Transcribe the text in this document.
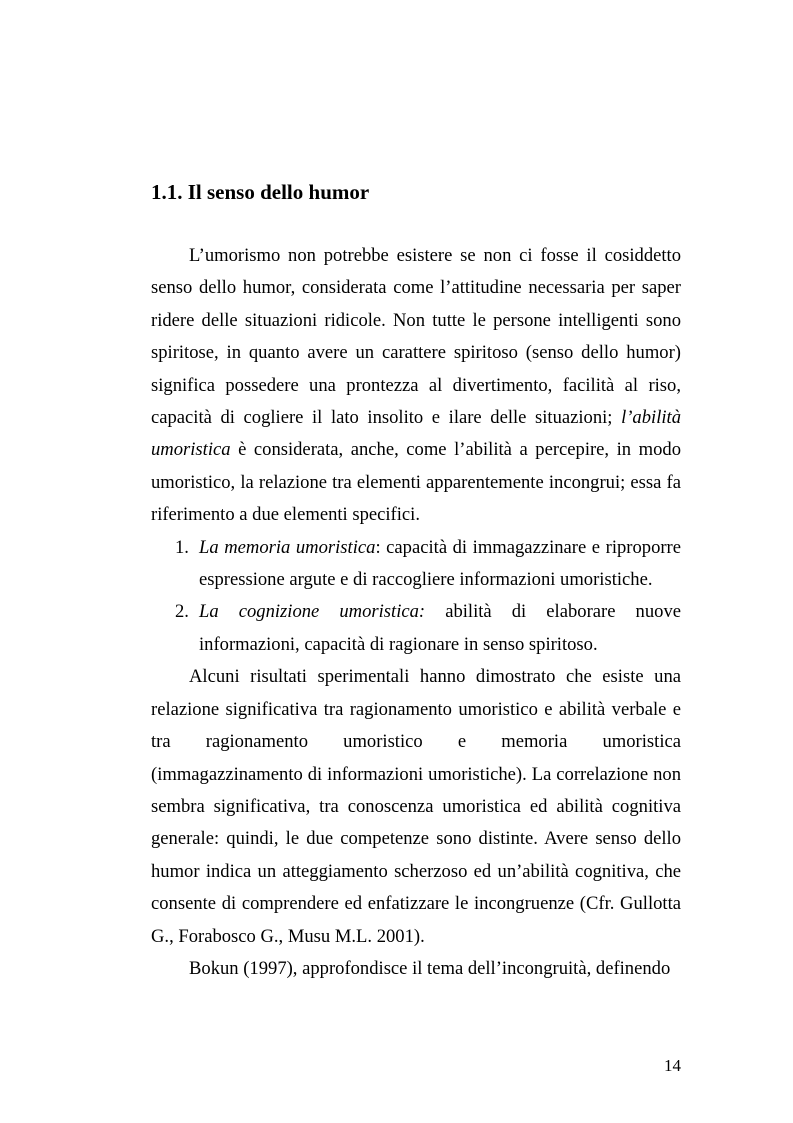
1.1. Il senso dello humor

L’umorismo non potrebbe esistere se non ci fosse il cosiddetto senso dello humor, considerata come l’attitudine necessaria per saper ridere delle situazioni ridicole. Non tutte le persone intelligenti sono spiritose, in quanto avere un carattere spiritoso (senso dello humor) significa possedere una prontezza al divertimento, facilità al riso, capacità di cogliere il lato insolito e ilare delle situazioni; l’abilità umoristica è considerata, anche, come l’abilità a percepire, in modo umoristico, la relazione tra elementi apparentemente incongrui; essa fa riferimento a due elementi specifici.

1. La memoria umoristica: capacità di immagazzinare e riproporre espressione argute e di raccogliere informazioni umoristiche.
2. La cognizione umoristica: abilità di elaborare nuove informazioni, capacità di ragionare in senso spiritoso.

Alcuni risultati sperimentali hanno dimostrato che esiste una relazione significativa tra ragionamento umoristico e abilità verbale e tra ragionamento umoristico e memoria umoristica (immagazzinamento di informazioni umoristiche). La correlazione non sembra significativa, tra conoscenza umoristica ed abilità cognitiva generale: quindi, le due competenze sono distinte. Avere senso dello humor indica un atteggiamento scherzoso ed un’abilità cognitiva, che consente di comprendere ed enfatizzare le incongruenze (Cfr. Gullotta G., Forabosco G., Musu M.L. 2001).

Bokun (1997), approfondisce il tema dell’incongruità, definendo

14
